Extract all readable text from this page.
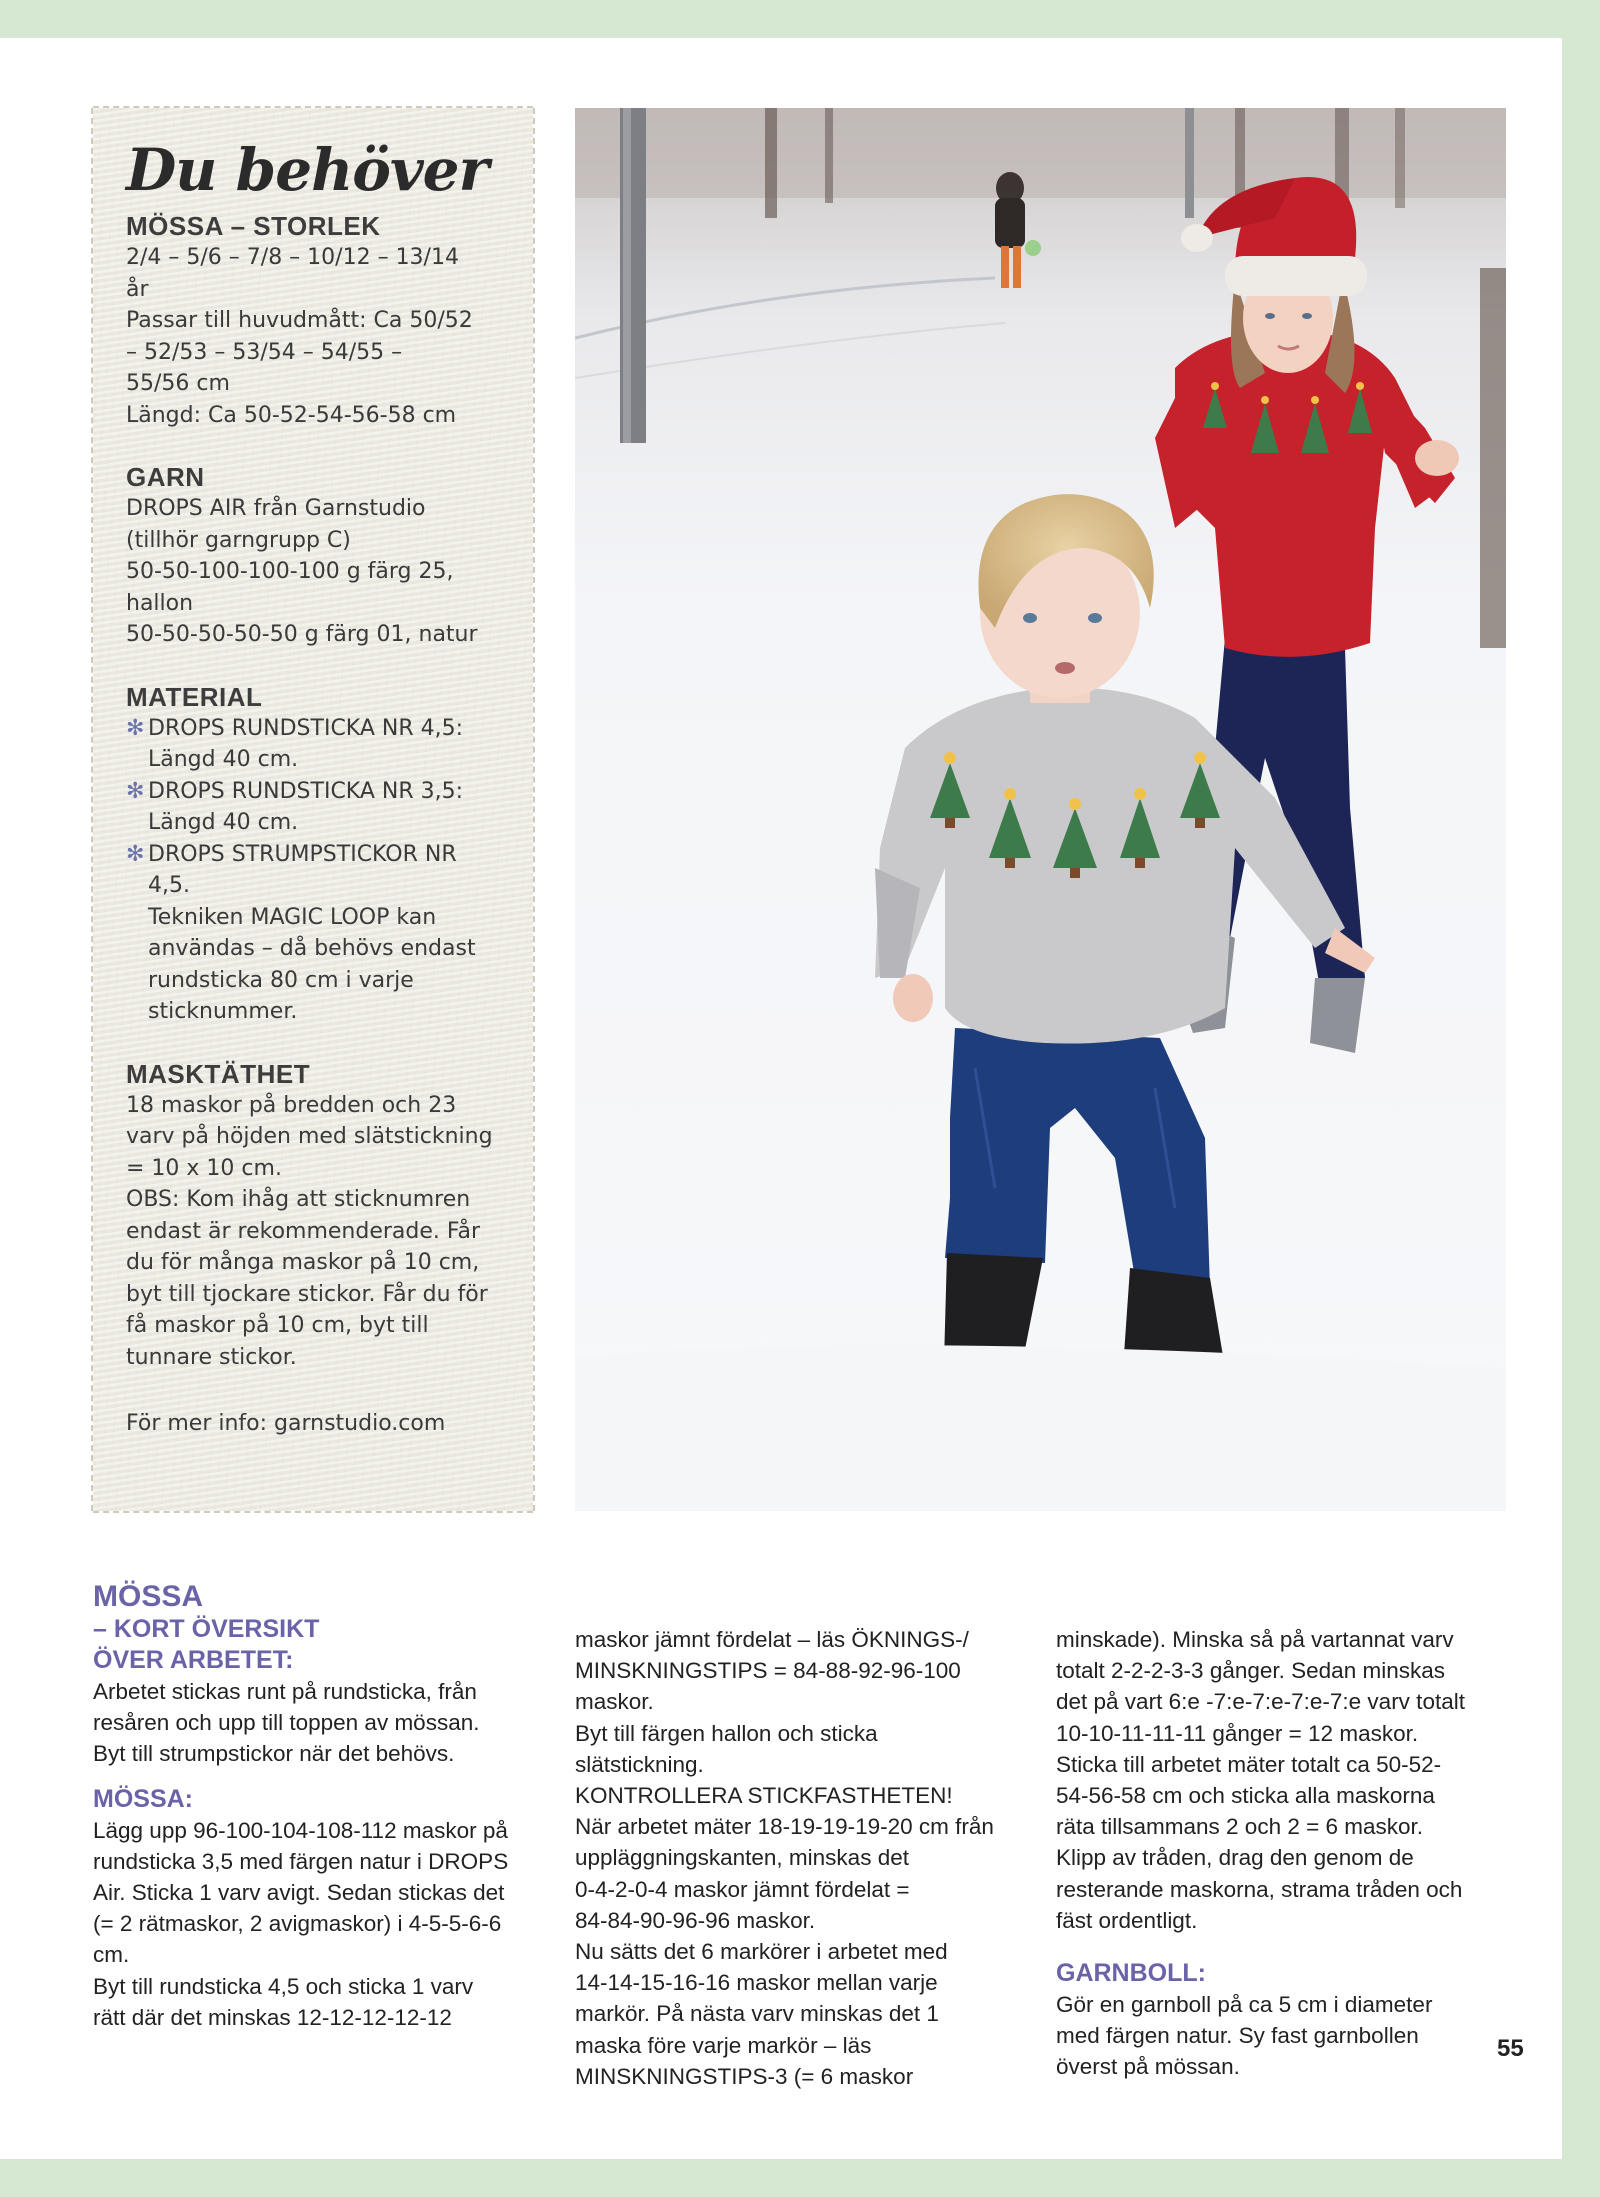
Du behöver

MÖSSA – STORLEK

2/4 – 5/6 – 7/8 – 10/12 – 13/14

år

Passar till huvudmått: Ca 50/52

– 52/53 – 53/54 – 54/55 –

55/56 cm

Längd: Ca 50-52-54-56-58 cm

GARN

DROPS AIR från Garnstudio

(tillhör garngrupp C)

50-50-100-100-100 g färg 25,

hallon

50-50-50-50-50 g färg 01, natur

MATERIAL

✻ DROPS RUNDSTICKA NR 4,5:
Längd 40 cm.
✻ DROPS RUNDSTICKA NR 3,5:
Längd 40 cm.
✻ DROPS STRUMPSTICKOR NR
4,5.

Tekniken MAGIC LOOP kan

användas – då behövs endast

rundsticka 80 cm i varje

sticknummer.

MASKTÄTHET

18 maskor på bredden och 23

varv på höjden med slätstickning

= 10 x 10 cm.

OBS: Kom ihåg att sticknumren

endast är rekommenderade. Får

du för många maskor på 10 cm,

byt till tjockare stickor. Får du för

få maskor på 10 cm, byt till

tunnare stickor.

För mer info: garnstudio.com

MÖSSA

– KORT ÖVERSIKT

ÖVER ARBETET:

Arbetet stickas runt på rundsticka, från

resåren och upp till toppen av mössan.

Byt till strumpstickor när det behövs.

MÖSSA:

Lägg upp 96-100-104-108-112 maskor på

rundsticka 3,5 med färgen natur i DROPS

Air. Sticka 1 varv avigt. Sedan stickas det

(= 2 rätmaskor, 2 avigmaskor) i 4-5-5-6-6

cm.

Byt till rundsticka 4,5 och sticka 1 varv

rätt där det minskas 12-12-12-12-12

maskor jämnt fördelat – läs ÖKNINGS-/

MINSKNINGSTIPS = 84-88-92-96-100

maskor.

Byt till färgen hallon och sticka

slätstickning.

KONTROLLERA STICKFASTHETEN!

När arbetet mäter 18-19-19-19-20 cm från

uppläggningskanten, minskas det

0-4-2-0-4 maskor jämnt fördelat =

84-84-90-96-96 maskor.

Nu sätts det 6 markörer i arbetet med

14-14-15-16-16 maskor mellan varje

markör. På nästa varv minskas det 1

maska före varje markör – läs

MINSKNINGSTIPS-3 (= 6 maskor

minskade). Minska så på vartannat varv

totalt 2-2-2-3-3 gånger. Sedan minskas

det på vart 6:e -7:e-7:e-7:e-7:e varv totalt

10-10-11-11-11 gånger = 12 maskor.

Sticka till arbetet mäter totalt ca 50-52-

54-56-58 cm och sticka alla maskorna

räta tillsammans 2 och 2 = 6 maskor.

Klipp av tråden, drag den genom de

resterande maskorna, strama tråden och

fäst ordentligt.

GARNBOLL:

Gör en garnboll på ca 5 cm i diameter

med färgen natur. Sy fast garnbollen

överst på mössan.

55
